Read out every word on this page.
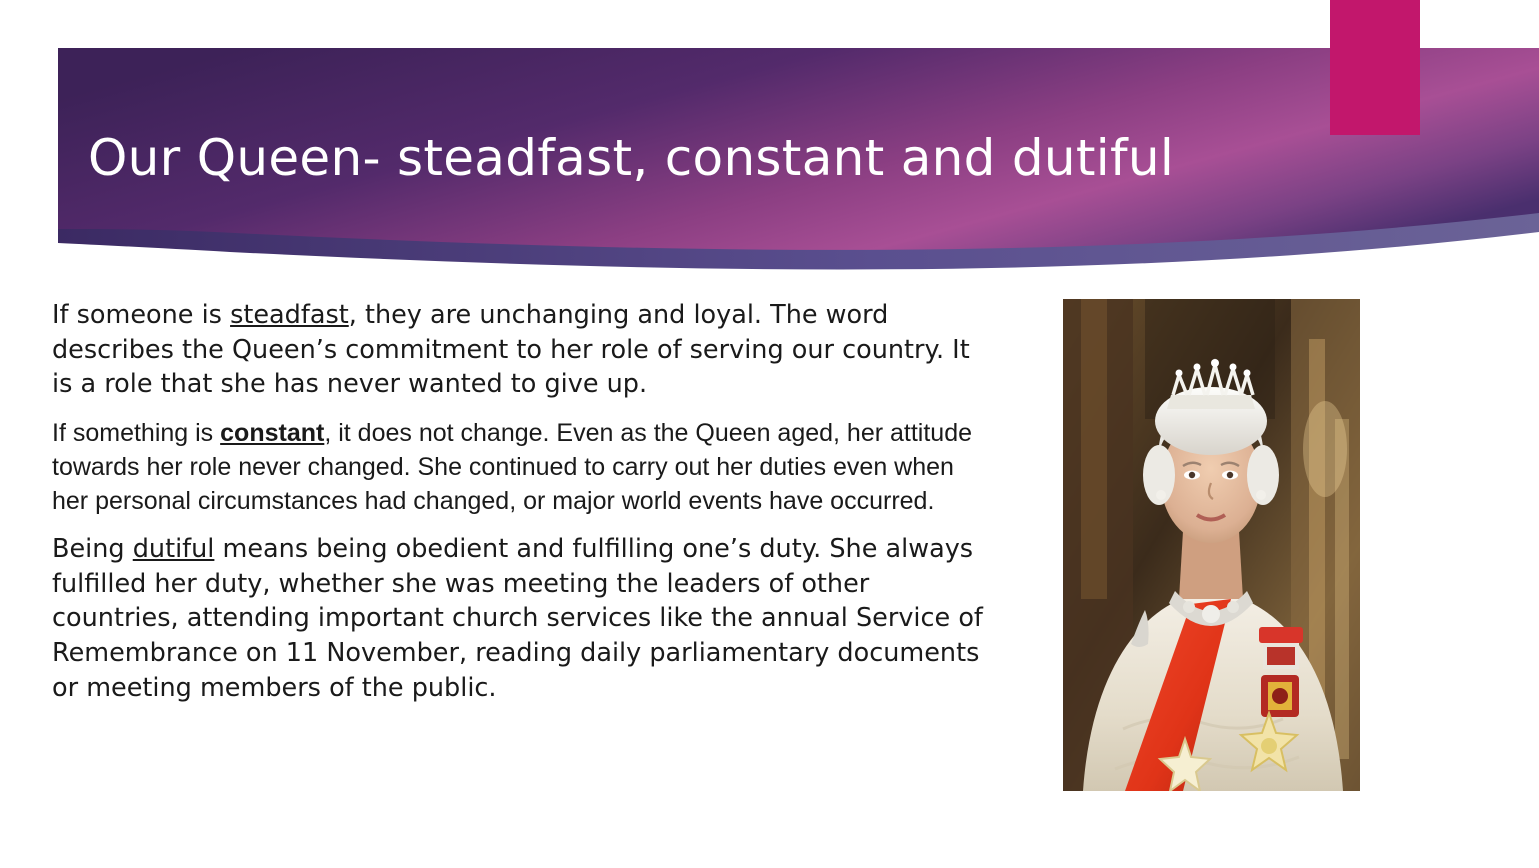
Our Queen- steadfast, constant and dutiful

If someone is steadfast, they are unchanging and loyal. The word describes the Queen’s commitment to her role of serving our country. It is a role that she has never wanted to give up.

If something is constant, it does not change. Even as the Queen aged, her attitude towards her role never changed. She continued to carry out her duties even when her personal circumstances had changed, or major world events have occurred.

Being dutiful means being obedient and fulfilling one’s duty. She always fulfilled her duty, whether she was meeting the leaders of other countries, attending important church services like the annual Service of Remembrance on 11 November, reading daily parliamentary documents or meeting members of the public.
